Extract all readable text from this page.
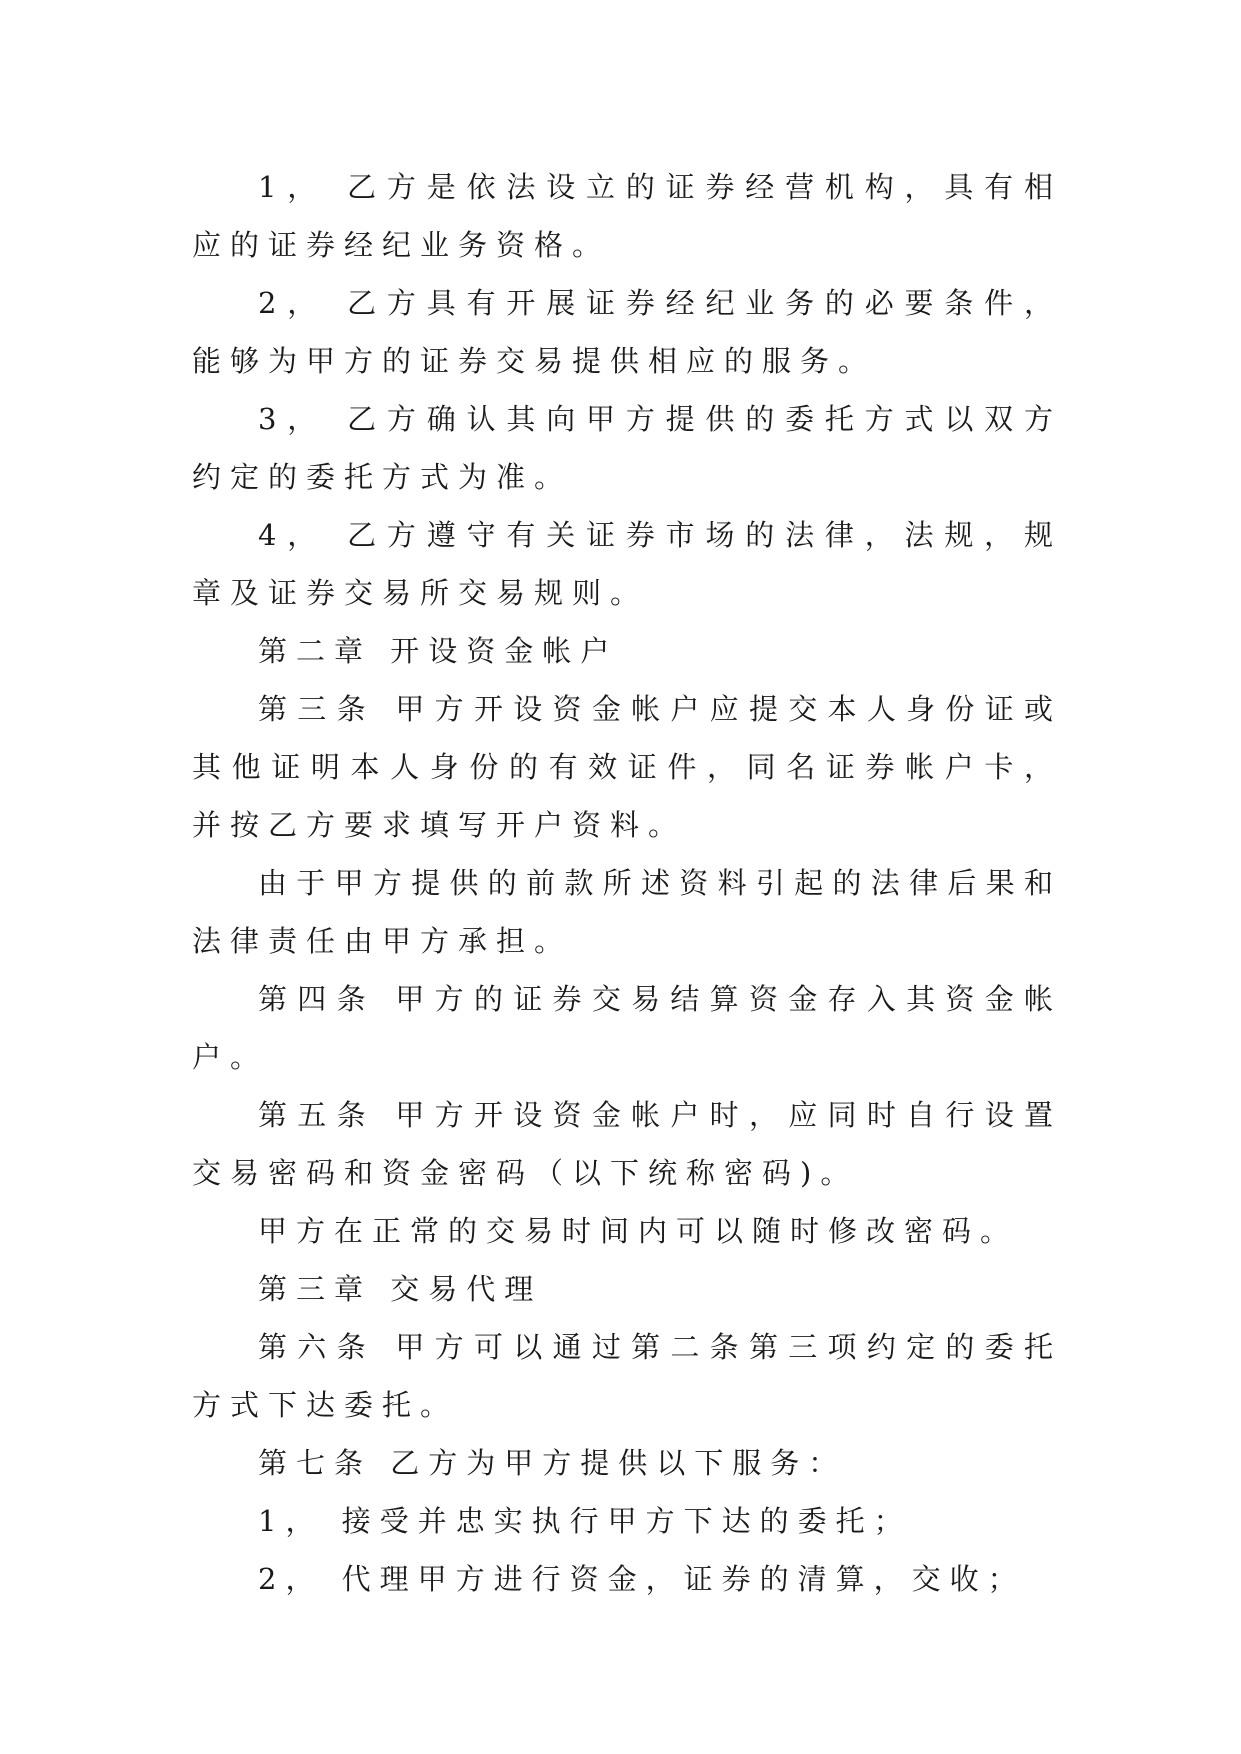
1， 乙方是依法设立的证券经营机构，具有相应的证券经纪业务资格。

2， 乙方具有开展证券经纪业务的必要条件，能够为甲方的证券交易提供相应的服务。

3， 乙方确认其向甲方提供的委托方式以双方约定的委托方式为准。

4， 乙方遵守有关证券市场的法律，法规，规章及证券交易所交易规则。

第二章 开设资金帐户

第三条 甲方开设资金帐户应提交本人身份证或其他证明本人身份的有效证件，同名证券帐户卡，并按乙方要求填写开户资料。

由于甲方提供的前款所述资料引起的法律后果和法律责任由甲方承担。

第四条 甲方的证券交易结算资金存入其资金帐户。

第五条 甲方开设资金帐户时，应同时自行设置交易密码和资金密码（以下统称密码)。

甲方在正常的交易时间内可以随时修改密码。

第三章 交易代理

第六条 甲方可以通过第二条第三项约定的委托方式下达委托。

第七条 乙方为甲方提供以下服务：

1， 接受并忠实执行甲方下达的委托；

2， 代理甲方进行资金，证券的清算，交收；
